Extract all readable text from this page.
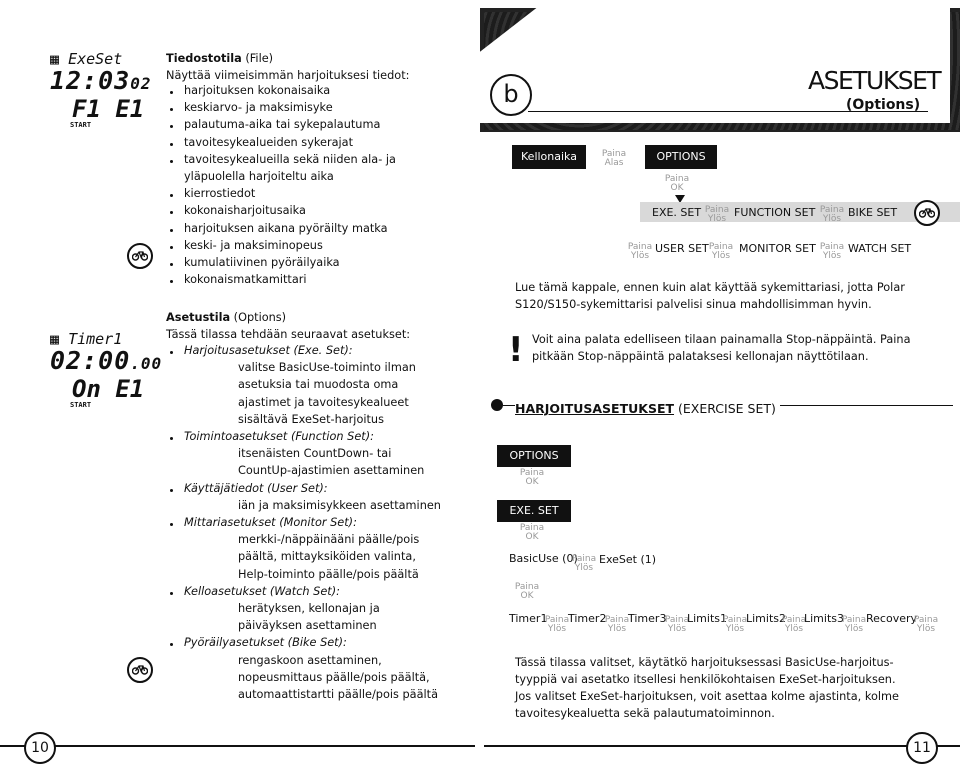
▦ ExeSet
12:0302
F1 E1
START
▦ Timer1
02:00.00
On E1
START
Tiedostotila (File)
Näyttää viimeisimmän harjoituksesi tiedot:
harjoituksen kokonaisaika
keskiarvo- ja maksimisyke
palautuma-aika tai sykepalautuma
tavoitesykealueiden sykerajat
tavoitesykealueilla sekä niiden ala- ja
yläpuolella harjoiteltu aika
kierrostiedot
kokonaisharjoitusaika
harjoituksen aikana pyöräilty matka
keski- ja maksiminopeus
kumulatiivinen pyöräilyaika
kokonaismatkamittari
Asetustila (Options)
Tässä tilassa tehdään seuraavat asetukset:
Harjoitusasetukset (Exe. Set):
valitse BasicUse-toiminto ilman
asetuksia tai muodosta oma
ajastimet ja tavoitesykealueet
sisältävä ExeSet-harjoitus
Toimintoasetukset (Function Set):
itsenäisten CountDown- tai
CountUp-ajastimien asettaminen
Käyttäjätiedot (User Set):
iän ja maksimisykkeen asettaminen
Mittariasetukset (Monitor Set):
merkki-/näppäinääni päälle/pois
päältä, mittayksiköiden valinta,
Help-toiminto päälle/pois päältä
Kelloasetukset (Watch Set):
herätyksen, kellonajan ja
päiväyksen asettaminen
Pyöräilyasetukset (Bike Set):
rengaskoon asettaminen,
nopeusmittaus päälle/pois päältä,
automaattistartti päälle/pois päältä
10
b	ASETUKSET
(Options)
Kellonaika	Paina
Alas	OPTIONS
Paina
OK
EXE. SET Paina
Ylös FUNCTION SET Paina
Ylös BIKE SET
Paina
Ylös
USER SET Paina
Ylös
MONITOR SET Paina
Ylös
WATCH SET
Lue tämä kappale, ennen kuin alat käyttää sykemittariasi, jotta Polar
S120/S150-sykemittarisi palvelisi sinua mahdollisimman hyvin.
! Voit aina palata edelliseen tilaan painamalla Stop-näppäintä. Paina
pitkään Stop-näppäintä palataksesi kellonajan näyttötilaan.
HARJOITUSASETUKSET (EXERCISE SET)
OPTIONS
Paina
OK
EXE. SET
Paina
OK
BasicUse (0)
Paina
Ylös
ExeSet (1)
Paina
OK
Timer1
Paina
Ylös
Timer2
Paina
Ylös
Timer3
Paina
Ylös
Limits1
Paina
Ylös
Limits2
Paina
Ylös
Limits3
Paina
Ylös
Recovery
Paina
Ylös
Tässä tilassa valitset, käytätkö harjoituksessasi BasicUse-harjoitus-
tyyppiä vai asetatko itsellesi henkilökohtaisen ExeSet-harjoituksen.
Jos valitset ExeSet-harjoituksen, voit asettaa kolme ajastinta, kolme
tavoitesykealuetta sekä palautumatoiminnon.
11
